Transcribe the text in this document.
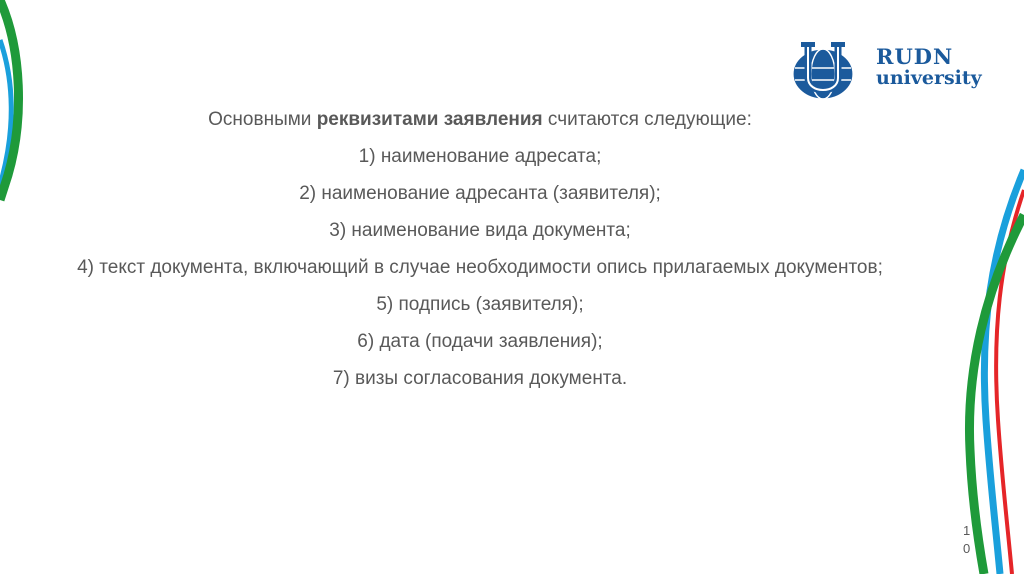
RUDN
university

Основными реквизитами заявления считаются следующие:

1) наименование адресата;

2) наименование адресанта (заявителя);

3) наименование вида документа;

4) текст документа, включающий в случае необходимости опись прилагаемых документов;

5) подпись (заявителя);

6) дата (подачи заявления);

7) визы согласования документа.

1
0
